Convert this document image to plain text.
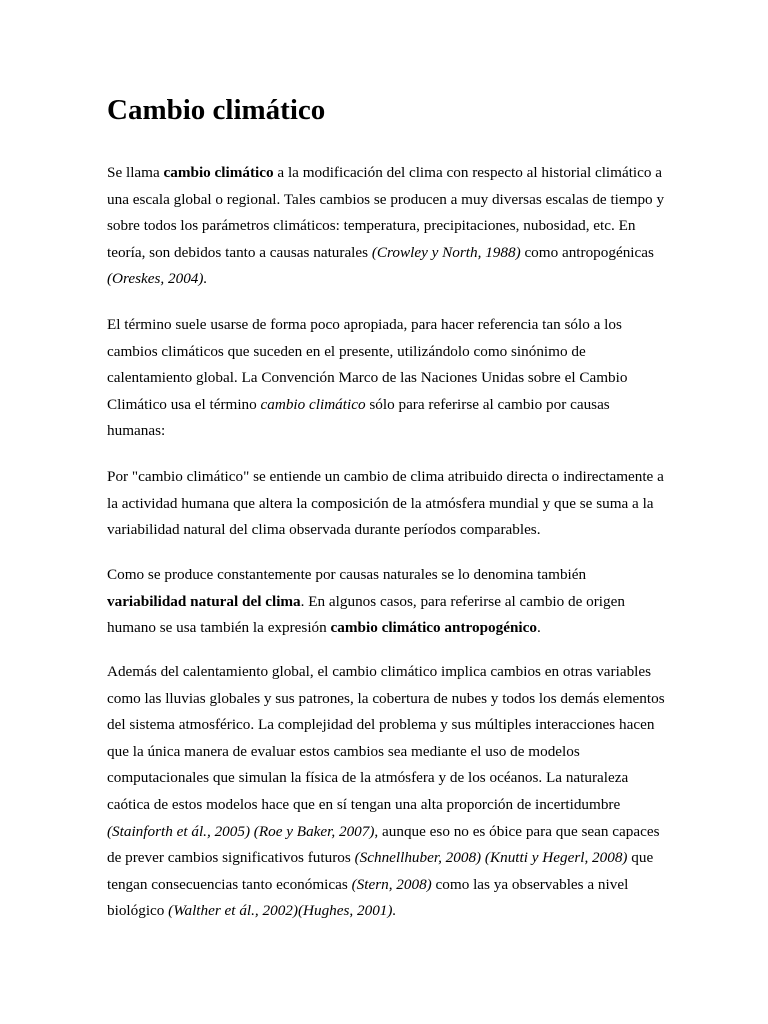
Cambio climático

Se llama cambio climático a la modificación del clima con respecto al historial climático a
una escala global o regional. Tales cambios se producen a muy diversas escalas de tiempo y
sobre todos los parámetros climáticos: temperatura, precipitaciones, nubosidad, etc. En
teoría, son debidos tanto a causas naturales (Crowley y North, 1988) como antropogénicas
(Oreskes, 2004).

El término suele usarse de forma poco apropiada, para hacer referencia tan sólo a los
cambios climáticos que suceden en el presente, utilizándolo como sinónimo de
calentamiento global. La Convención Marco de las Naciones Unidas sobre el Cambio
Climático usa el término cambio climático sólo para referirse al cambio por causas
humanas:

Por "cambio climático" se entiende un cambio de clima atribuido directa o indirectamente a
la actividad humana que altera la composición de la atmósfera mundial y que se suma a la
variabilidad natural del clima observada durante períodos comparables.

Como se produce constantemente por causas naturales se lo denomina también
variabilidad natural del clima. En algunos casos, para referirse al cambio de origen
humano se usa también la expresión cambio climático antropogénico.

Además del calentamiento global, el cambio climático implica cambios en otras variables
como las lluvias globales y sus patrones, la cobertura de nubes y todos los demás elementos
del sistema atmosférico. La complejidad del problema y sus múltiples interacciones hacen
que la única manera de evaluar estos cambios sea mediante el uso de modelos
computacionales que simulan la física de la atmósfera y de los océanos. La naturaleza
caótica de estos modelos hace que en sí tengan una alta proporción de incertidumbre
(Stainforth et ál., 2005) (Roe y Baker, 2007), aunque eso no es óbice para que sean capaces
de prever cambios significativos futuros (Schnellhuber, 2008) (Knutti y Hegerl, 2008) que
tengan consecuencias tanto económicas (Stern, 2008) como las ya observables a nivel
biológico (Walther et ál., 2002)(Hughes, 2001).
